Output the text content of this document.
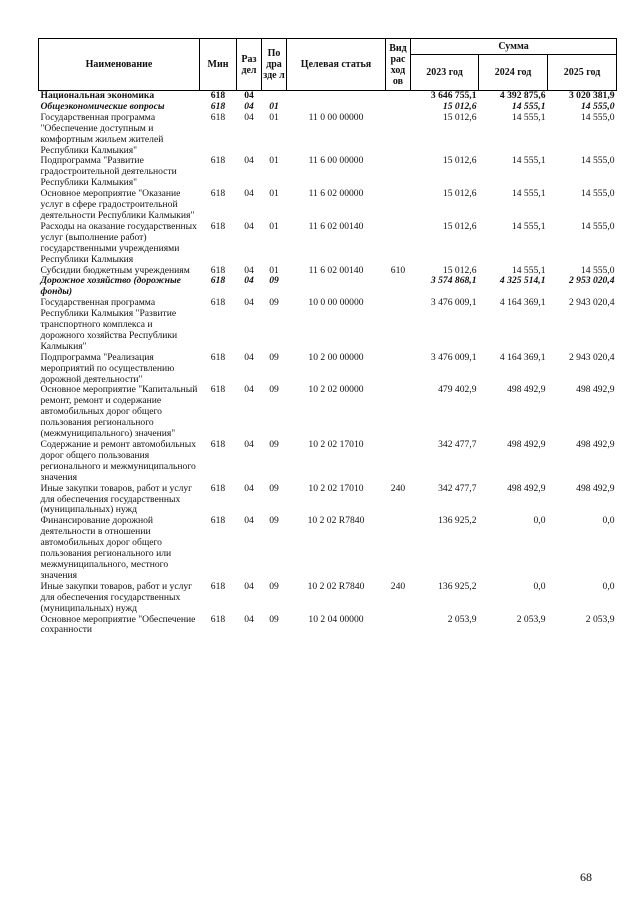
Наименование	Мин	Раз дел	По дра зде л	Целевая статья	Вид рас ход ов	Сумма		
						2023 год	2024 год	2025 год
Национальная экономика	618	04				3 646 755,1	4 392 875,6	3 020 381,9
Общеэкономические вопросы	618	04	01			15 012,6	14 555,1	14 555,0
Государственная программа "Обеспечение доступным и комфортным жильем жителей Республики Калмыкия"	618	04	01	11 0 00 00000		15 012,6	14 555,1	14 555,0
Подпрограмма "Развитие градостроительной деятельности Республики Калмыкия"	618	04	01	11 6 00 00000		15 012,6	14 555,1	14 555,0
Основное мероприятие "Оказание услуг в сфере градостроительной деятельности Республики Калмыкия"	618	04	01	11 6 02 00000		15 012,6	14 555,1	14 555,0
Расходы на оказание государственных услуг (выполнение работ) государственными учреждениями Республики Калмыкия	618	04	01	11 6 02 00140		15 012,6	14 555,1	14 555,0
Субсидии бюджетным учреждениям	618	04	01	11 6 02 00140	610	15 012,6	14 555,1	14 555,0
Дорожное хозяйство (дорожные фонды)	618	04	09			3 574 868,1	4 325 514,1	2 953 020,4
Государственная программа Республики Калмыкия "Развитие транспортного комплекса и дорожного хозяйства Республики Калмыкия"	618	04	09	10 0 00 00000		3 476 009,1	4 164 369,1	2 943 020,4
Подпрограмма "Реализация мероприятий по осуществлению дорожной деятельности"	618	04	09	10 2 00 00000		3 476 009,1	4 164 369,1	2 943 020,4
Основное мероприятие "Капитальный ремонт, ремонт и содержание автомобильных дорог общего пользования регионального (межмуниципального) значения"	618	04	09	10 2 02 00000		479 402,9	498 492,9	498 492,9
Содержание и ремонт автомобильных дорог общего пользования регионального и межмуниципального значения	618	04	09	10 2 02 17010		342 477,7	498 492,9	498 492,9
Иные закупки товаров, работ и услуг для обеспечения государственных (муниципальных) нужд	618	04	09	10 2 02 17010	240	342 477,7	498 492,9	498 492,9
Финансирование дорожной деятельности в отношении автомобильных дорог общего пользования регионального или межмуниципального, местного значения	618	04	09	10 2 02 R7840		136 925,2	0,0	0,0
Иные закупки товаров, работ и услуг для обеспечения государственных (муниципальных) нужд	618	04	09	10 2 02 R7840	240	136 925,2	0,0	0,0
Основное мероприятие "Обеспечение сохранности	618	04	09	10 2 04 00000		2 053,9	2 053,9	2 053,9
68
